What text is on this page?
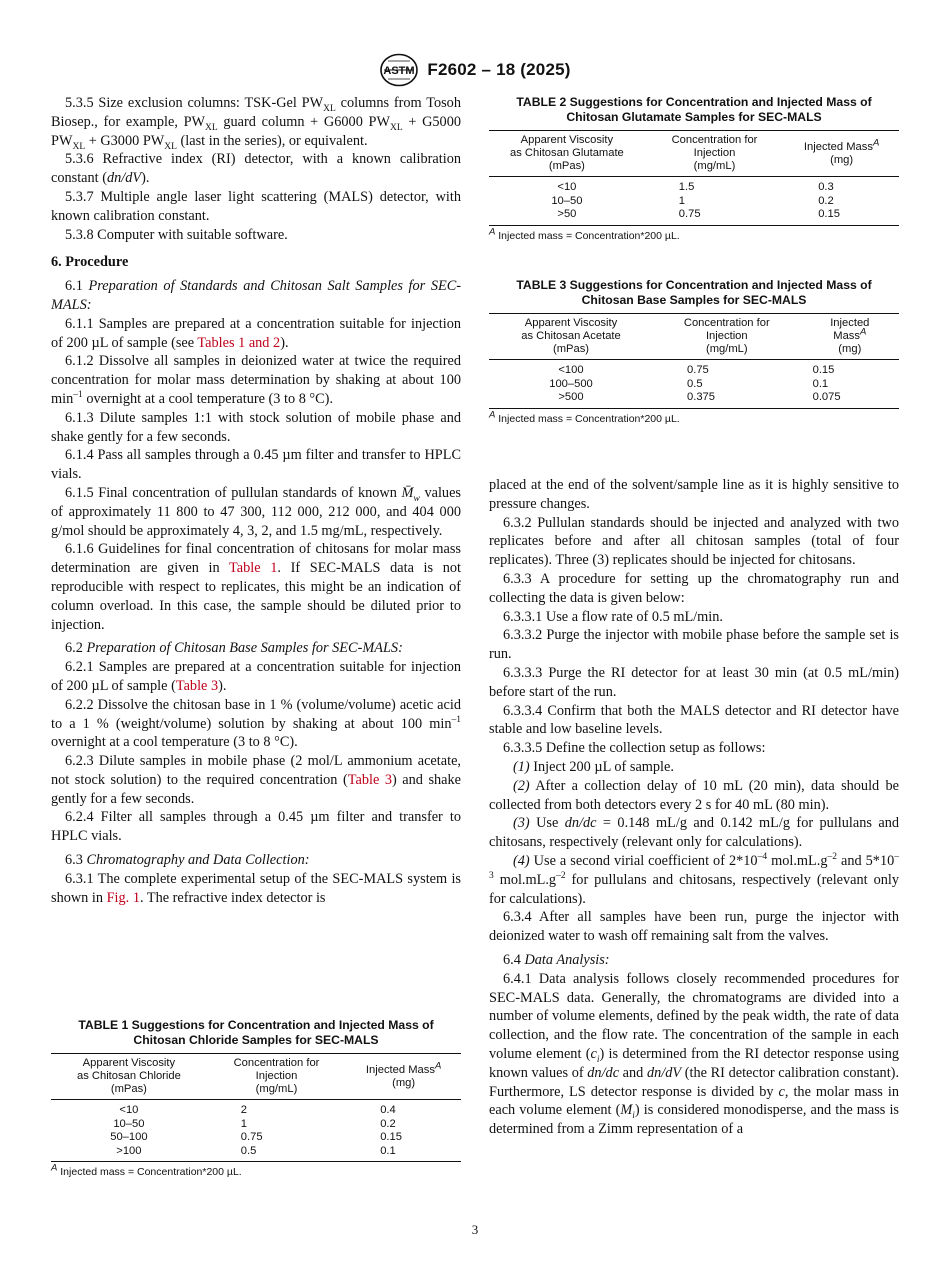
ASTM F2602 – 18 (2025)

5.3.5 Size exclusion columns: TSK-Gel $PW_{XL}$ columns from Tosoh Biosep., for example, $PW_{XL}$ guard column + G6000 $PW_{XL} + G5000$ $PW_{XL} + G3000$ $PW_{XL}$ (last in the series), or equivalent.

5.3.6 Refractive index (RI) detector, with a known calibration constant (dn/dV).

5.3.7 Multiple angle laser light scattering (MALS) detector, with known calibration constant.

5.3.8 Computer with suitable software.

6. Procedure

6.1 Preparation of Standards and Chitosan Salt Samples for SEC-MALS:

6.1.1 Samples are prepared at a concentration suitable for injection of 200 µL of sample (see Tables 1 and 2).

6.1.2 Dissolve all samples in deionized water at twice the required concentration for molar mass determination by shaking at about 100 $\min^{-1}$ overnight at a cool temperature (3 to 8 °C).

6.1.3 Dilute samples 1:1 with stock solution of mobile phase and shake gently for a few seconds.

6.1.4 Pass all samples through a 0.45 µm filter and transfer to HPLC vials.

6.1.5 Final concentration of pullulan standards of known $M̄_w$ values of approximately 11 800 to 47 300, 112 000, 212 000, and 404 000 g/mol should be approximately 4, 3, 2, and 1.5 mg/mL, respectively.

6.1.6 Guidelines for final concentration of chitosans for molar mass determination are given in Table 1. If SEC-MALS data is not reproducible with respect to replicates, this might be an indication of column overload. In this case, the sample should be diluted prior to injection.

6.2 Preparation of Chitosan Base Samples for SEC-MALS:

6.2.1 Samples are prepared at a concentration suitable for injection of 200 µL of sample (Table 3).

6.2.2 Dissolve the chitosan base in 1 % (volume/volume) acetic acid to a 1 % (weight/volume) solution by shaking at about 100 $\min^{-1}$ overnight at a cool temperature (3 to 8 °C).

6.2.3 Dilute samples in mobile phase (2 mol/L ammonium acetate, not stock solution) to the required concentration (Table 3) and shake gently for a few seconds.

6.2.4 Filter all samples through a 0.45 µm filter and transfer to HPLC vials.

6.3 Chromatography and Data Collection:

6.3.1 The complete experimental setup of the SEC-MALS system is shown in Fig. 1. The refractive index detector is

placed at the end of the solvent/sample line as it is highly sensitive to pressure changes.

6.3.2 Pullulan standards should be injected and analyzed with two replicates before and after all chitosan samples (total of four replicates). Three (3) replicates should be injected for chitosans.

6.3.3 A procedure for setting up the chromatography run and collecting the data is given below:

6.3.3.1 Use a flow rate of 0.5 mL/min.

6.3.3.2 Purge the injector with mobile phase before the sample set is run.

6.3.3.3 Purge the RI detector for at least 30 min (at 0.5 mL/min) before start of the run.

6.3.3.4 Confirm that both the MALS detector and RI detector have stable and low baseline levels.

6.3.3.5 Define the collection setup as follows:

(1) Inject 200 µL of sample.

(2) After a collection delay of 10 mL (20 min), data should be collected from both detectors every 2 s for 40 mL (80 min).

(3) Use dn/dc = 0.148 mL/g and 0.142 mL/g for pullulans and chitosans, respectively (relevant only for calculations).

(4) Use a second virial coefficient of $2*10^{-4}$ $mol.mL.g^{-2}$ and $5*10^{-3}$ $mol.mL.g^{-2}$ for pullulans and chitosans, respectively (relevant only for calculations).

6.3.4 After all samples have been run, purge the injector with deionized water to wash off remaining salt from the valves.

6.4 Data Analysis:

6.4.1 Data analysis follows closely recommended procedures for SEC-MALS data. Generally, the chromatograms are divided into a number of volume elements, defined by the peak width, the rate of data collection, and the flow rate. The concentration of the sample in each volume element $(c_i)$ is determined from the RI detector response using known values of dn/dc and dn/dV (the RI detector calibration constant). Furthermore, LS detector response is divided by c, the molar mass in each volume element $(M_i)$ is considered monodisperse, and the mass is determined from a Zimm representation of a

TABLE 2 Suggestions for Concentration and Injected Mass of Chitosan Glutamate Samples for SEC-MALS
Apparent Viscosity
as Chitosan Glutamate
(mPas)	Concentration for
Injection
(mg/mL)	Injected Mass$^A$
(mg)
<10	1.5	0.3
10–50	1	0.2
>50	0.75	0.15
$^A$ Injected mass = Concentration*200 µL.
TABLE 3 Suggestions for Concentration and Injected Mass of Chitosan Base Samples for SEC-MALS
Apparent Viscosity
as Chitosan Acetate
(mPas)	Concentration for
Injection
(mg/mL)	Injected
Mass$^A$
(mg)
<100	0.75	0.15
100–500	0.5	0.1
>500	0.375	0.075
$^A$ Injected mass = Concentration*200 µL.
TABLE 1 Suggestions for Concentration and Injected Mass of Chitosan Chloride Samples for SEC-MALS
Apparent Viscosity
as Chitosan Chloride
(mPas)	Concentration for
Injection
(mg/mL)	Injected Mass$^A$
(mg)
<10	2	0.4
10–50	1	0.2
50–100	0.75	0.15
>100	0.5	0.1
$^A$ Injected mass = Concentration*200 µL.
3
